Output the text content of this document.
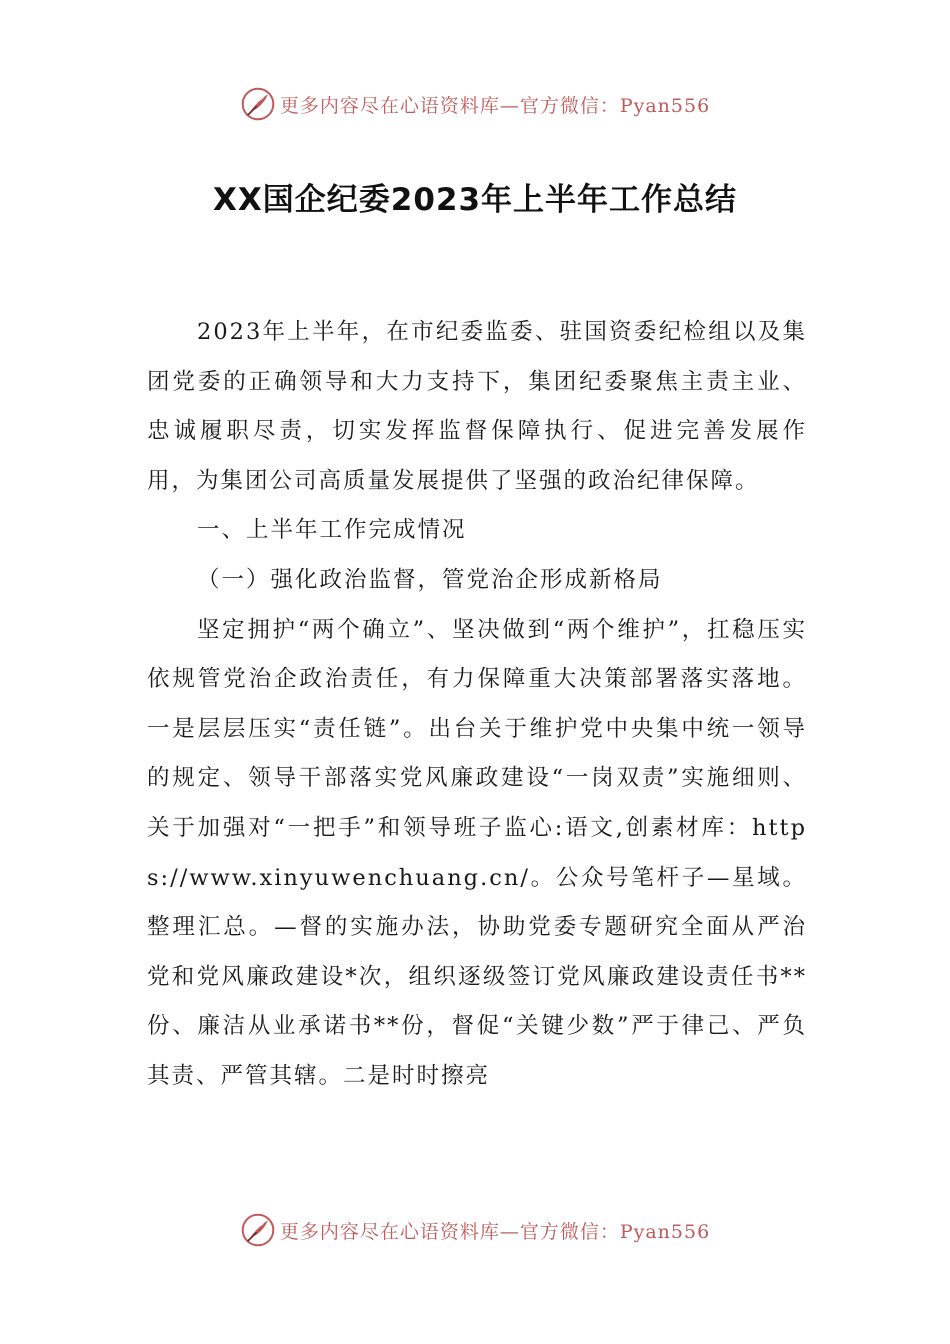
更多内容尽在心语资料库—官方微信：Pyan556
XX国企纪委2023年上半年工作总结

2023年上半年，在市纪委监委、驻国资委纪检组以及集团党委的正确领导和大力支持下，集团纪委聚焦主责主业、忠诚履职尽责，切实发挥监督保障执行、促进完善发展作用，为集团公司高质量发展提供了坚强的政治纪律保障。

一、上半年工作完成情况

（一）强化政治监督，管党治企形成新格局

坚定拥护“两个确立”、坚决做到“两个维护”，扛稳压实依规管党治企政治责任，有力保障重大决策部署落实落地。一是层层压实“责任链”。出台关于维护党中央集中统一领导的规定、领导干部落实党风廉政建设“一岗双责”实施细则、关于加强对“一把手”和领导班子监心:语文,创素材库：https://www.xinyuwenchuang.cn/。公众号笔杆子—星域。整理汇总。—督的实施办法，协助党委专题研究全面从严治党和党风廉政建设*次，组织逐级签订党风廉政建设责任书**份、廉洁从业承诺书**份，督促“关键少数”严于律己、严负其责、严管其辖。二是时时擦亮

更多内容尽在心语资料库—官方微信：Pyan556
